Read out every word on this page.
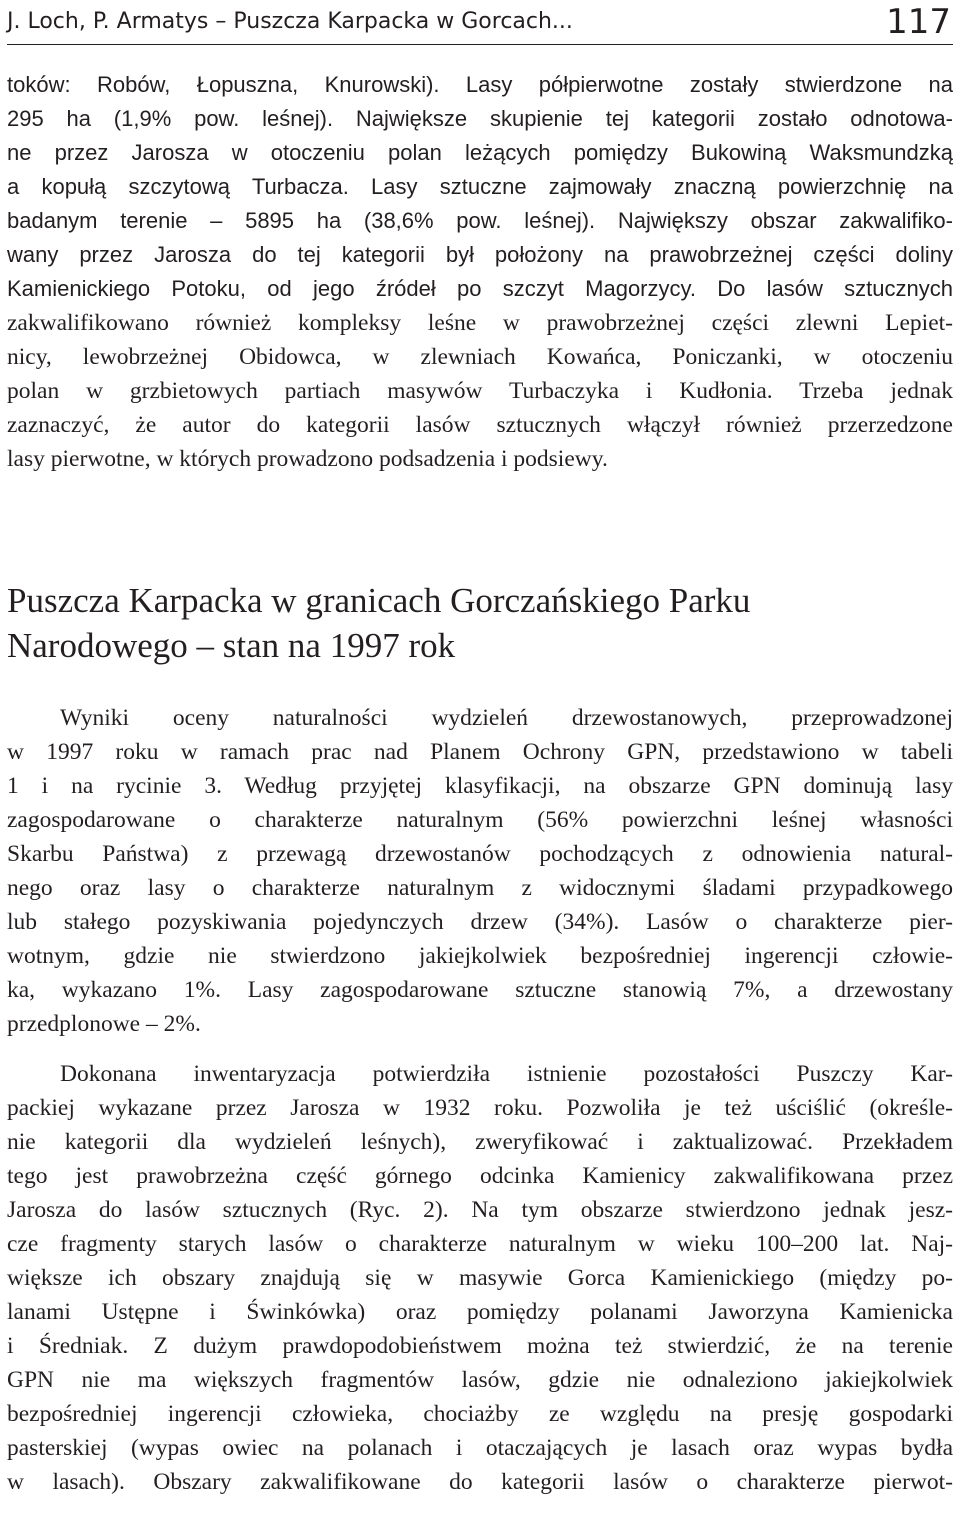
J. Loch, P. Armatys – Puszcza Karpacka w Gorcach...	117
toków: Robów, Łopuszna, Knurowski). Lasy półpierwotne zostały stwierdzone na
295 ha (1,9% pow. leśnej). Największe skupienie tej kategorii zostało odnotowa-
ne przez Jarosza w otoczeniu polan leżących pomiędzy Bukowiną Waksmundzką
a kopułą szczytową Turbacza. Lasy sztuczne zajmowały znaczną powierzchnię na
badanym terenie – 5895 ha (38,6% pow. leśnej). Największy obszar zakwalifiko-
wany przez Jarosza do tej kategorii był położony na prawobrzeżnej części doliny
Kamienickiego Potoku, od jego źródeł po szczyt Magorzycy. Do lasów sztucznych
zakwalifikowano również kompleksy leśne w prawobrzeżnej części zlewni Lepiet-
nicy, lewobrzeżnej Obidowca, w zlewniach Kowańca, Poniczanki, w otoczeniu
polan w grzbietowych partiach masywów Turbaczyka i Kudłonia. Trzeba jednak
zaznaczyć, że autor do kategorii lasów sztucznych włączył również przerzedzone
lasy pierwotne, w których prowadzono podsadzenia i podsiewy.
Puszcza Karpacka w granicach Gorczańskiego Parku
Narodowego – stan na 1997 rok
Wyniki oceny naturalności wydzieleń drzewostanowych, przeprowadzonej
w 1997 roku w ramach prac nad Planem Ochrony GPN, przedstawiono w tabeli
1 i na rycinie 3. Według przyjętej klasyfikacji, na obszarze GPN dominują lasy
zagospodarowane o charakterze naturalnym (56% powierzchni leśnej własności
Skarbu Państwa) z przewagą drzewostanów pochodzących z odnowienia natural-
nego oraz lasy o charakterze naturalnym z widocznymi śladami przypadkowego
lub stałego pozyskiwania pojedynczych drzew (34%). Lasów o charakterze pier-
wotnym, gdzie nie stwierdzono jakiejkolwiek bezpośredniej ingerencji człowie-
ka, wykazano 1%. Lasy zagospodarowane sztuczne stanowią 7%, a drzewostany
przedplonowe – 2%.
Dokonana inwentaryzacja potwierdziła istnienie pozostałości Puszczy Kar-
packiej wykazane przez Jarosza w 1932 roku. Pozwoliła je też uściślić (określe-
nie kategorii dla wydzieleń leśnych), zweryfikować i zaktualizować. Przekładem
tego jest prawobrzeżna część górnego odcinka Kamienicy zakwalifikowana przez
Jarosza do lasów sztucznych (Ryc. 2). Na tym obszarze stwierdzono jednak jesz-
cze fragmenty starych lasów o charakterze naturalnym w wieku 100–200 lat. Naj-
większe ich obszary znajdują się w masywie Gorca Kamienickiego (między po-
lanami Ustępne i Świnkówka) oraz pomiędzy polanami Jaworzyna Kamienicka
i Średniak. Z dużym prawdopodobieństwem można też stwierdzić, że na terenie
GPN nie ma większych fragmentów lasów, gdzie nie odnaleziono jakiejkolwiek
bezpośredniej ingerencji człowieka, chociażby ze względu na presję gospodarki
pasterskiej (wypas owiec na polanach i otaczających je lasach oraz wypas bydła
w lasach). Obszary zakwalifikowane do kategorii lasów o charakterze pierwot-
